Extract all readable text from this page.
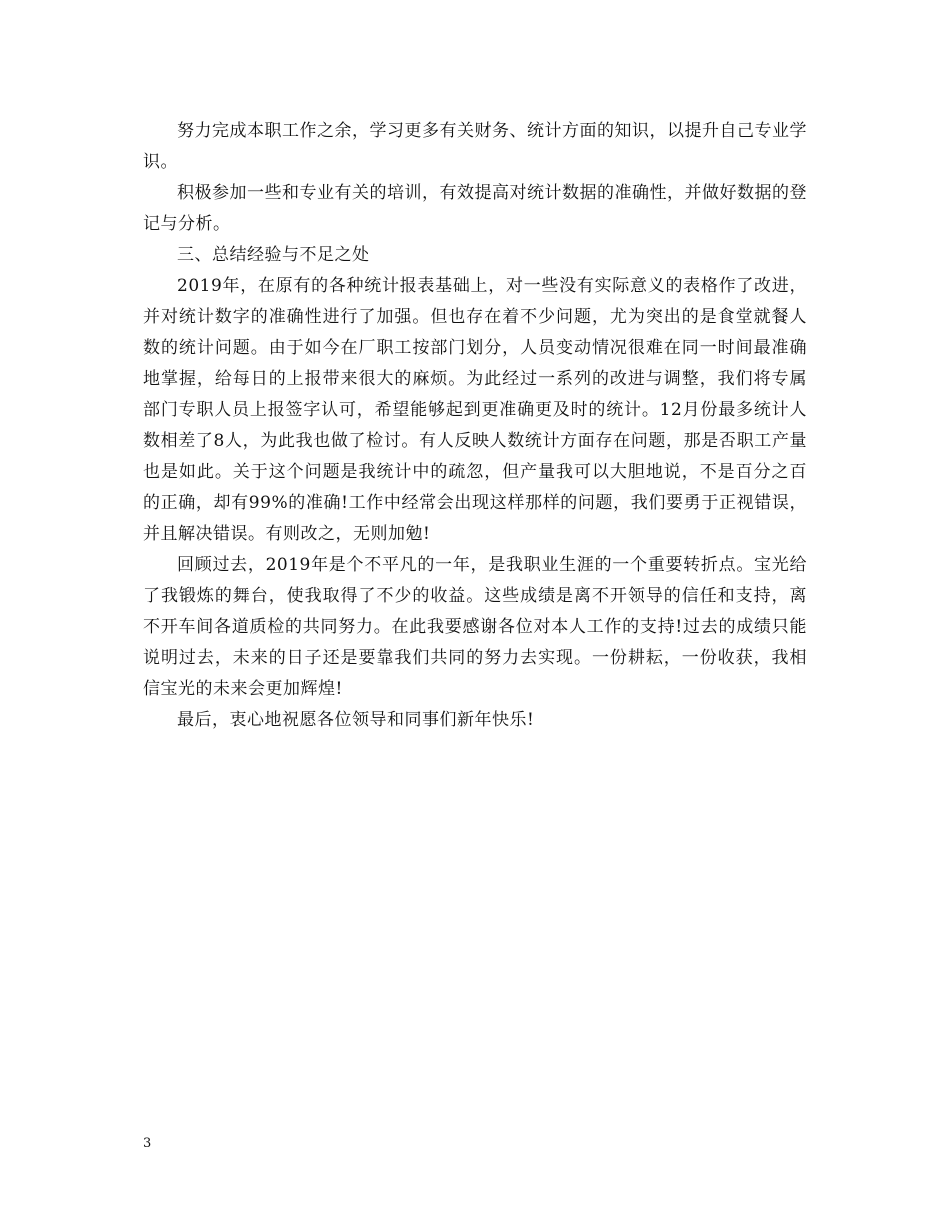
努力完成本职工作之余，学习更多有关财务、统计方面的知识，以提升自己专业学识。

积极参加一些和专业有关的培训，有效提高对统计数据的准确性，并做好数据的登记与分析。

三、总结经验与不足之处

2019年，在原有的各种统计报表基础上，对一些没有实际意义的表格作了改进，并对统计数字的准确性进行了加强。但也存在着不少问题，尤为突出的是食堂就餐人数的统计问题。由于如今在厂职工按部门划分，人员变动情况很难在同一时间最准确地掌握，给每日的上报带来很大的麻烦。为此经过一系列的改进与调整，我们将专属部门专职人员上报签字认可，希望能够起到更准确更及时的统计。12月份最多统计人数相差了8人，为此我也做了检讨。有人反映人数统计方面存在问题，那是否职工产量也是如此。关于这个问题是我统计中的疏忽，但产量我可以大胆地说，不是百分之百的正确，却有99%的准确!工作中经常会出现这样那样的问题，我们要勇于正视错误，并且解决错误。有则改之，无则加勉!

回顾过去，2019年是个不平凡的一年，是我职业生涯的一个重要转折点。宝光给了我锻炼的舞台，使我取得了不少的收益。这些成绩是离不开领导的信任和支持，离不开车间各道质检的共同努力。在此我要感谢各位对本人工作的支持!过去的成绩只能说明过去，未来的日子还是要靠我们共同的努力去实现。一份耕耘，一份收获，我相信宝光的未来会更加辉煌!

最后，衷心地祝愿各位领导和同事们新年快乐!

3
